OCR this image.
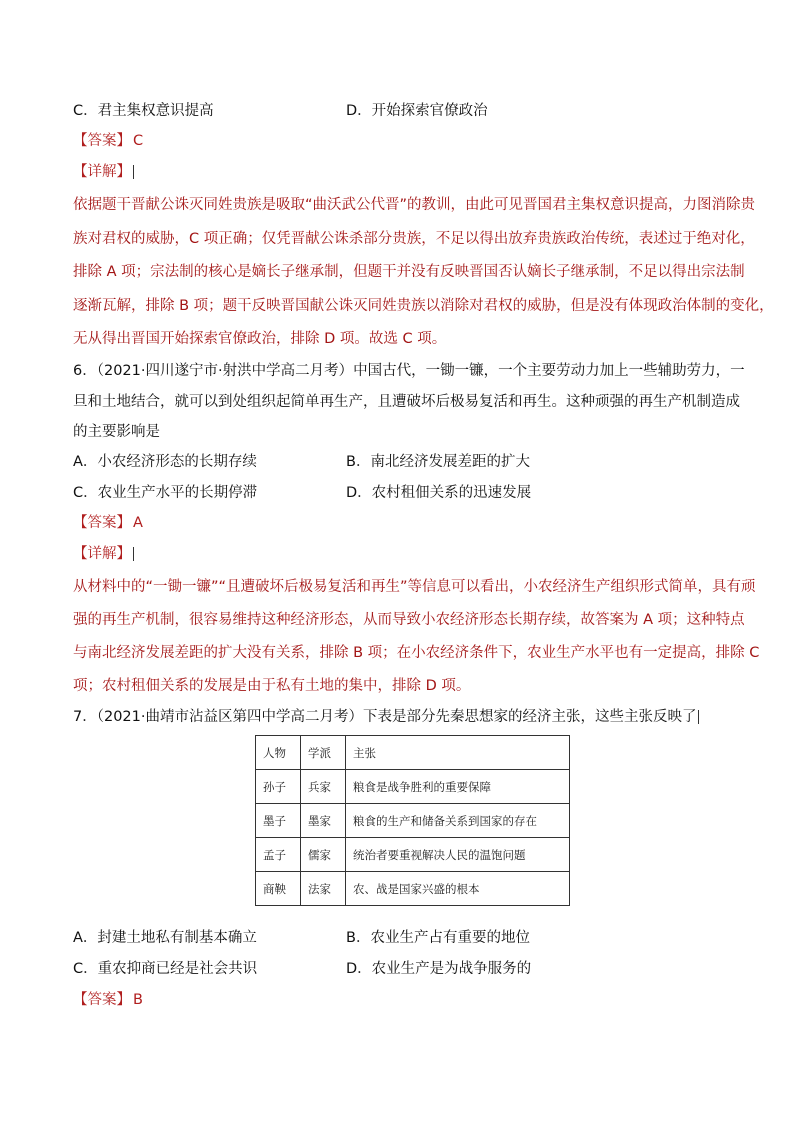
C．君主集权意识提高	D．开始探索官僚政治
【答案】 C
【详解】
依据题干晋献公诛灭同姓贵族是吸取“曲沃武公代晋”的教训，由此可见晋国君主集权意识提高，力图消除贵
族对君权的威胁，C 项正确；仅凭晋献公诛杀部分贵族，不足以得出放弃贵族政治传统，表述过于绝对化，
排除 A 项；宗法制的核心是嫡长子继承制，但题干并没有反映晋国否认嫡长子继承制，不足以得出宗法制
逐渐瓦解，排除 B 项；题干反映晋国献公诛灭同姓贵族以消除对君权的威胁，但是没有体现政治体制的变化，
无从得出晋国开始探索官僚政治，排除 D 项。故选 C 项。
6．（2021·四川遂宁市·射洪中学高二月考）中国古代，一锄一镰，一个主要劳动力加上一些辅助劳力，一
旦和土地结合，就可以到处组织起简单再生产，且遭破坏后极易复活和再生。这种顽强的再生产机制造成
的主要影响是
A．小农经济形态的长期存续	B．南北经济发展差距的扩大
C．农业生产水平的长期停滞	D．农村租佃关系的迅速发展
【答案】 A
【详解】
从材料中的“一锄一镰”“且遭破坏后极易复活和再生”等信息可以看出，小农经济生产组织形式简单，具有顽
强的再生产机制，很容易维持这种经济形态，从而导致小农经济形态长期存续，故答案为 A 项；这种特点
与南北经济发展差距的扩大没有关系，排除 B 项；在小农经济条件下，农业生产水平也有一定提高，排除 C
项；农村租佃关系的发展是由于私有土地的集中，排除 D 项。
7．（2021·曲靖市沾益区第四中学高二月考）下表是部分先秦思想家的经济主张，这些主张反映了
人物	学派	主张
孙子	兵家	粮食是战争胜利的重要保障
墨子	墨家	粮食的生产和储备关系到国家的存在
孟子	儒家	统治者要重视解决人民的温饱问题
商鞅	法家	农、战是国家兴盛的根本
A．封建土地私有制基本确立	B．农业生产占有重要的地位
C．重农抑商已经是社会共识	D．农业生产是为战争服务的
【答案】 B
